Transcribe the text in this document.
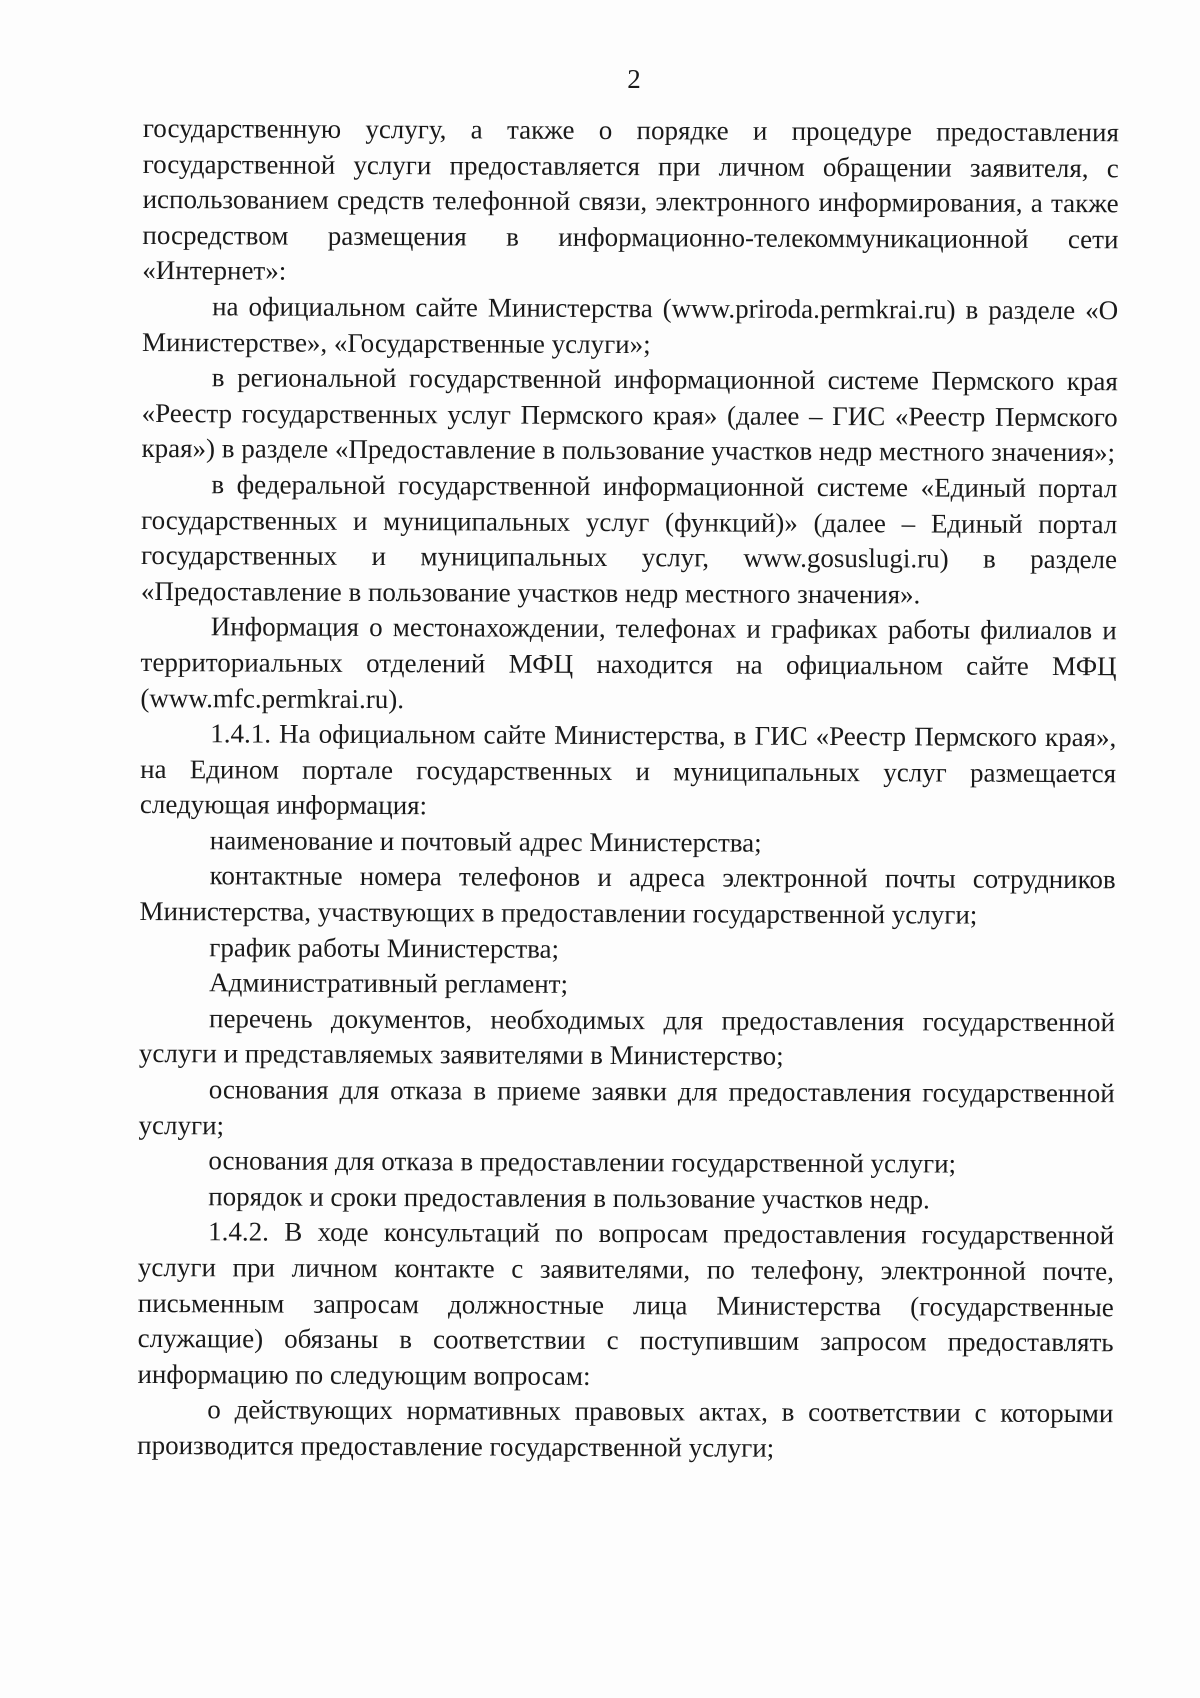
2

государственную услугу, а также о порядке и процедуре предоставления государственной услуги предоставляется при личном обращении заявителя, с использованием средств телефонной связи, электронного информирования, а также посредством размещения в информационно-телекоммуникационной сети «Интернет»:

на официальном сайте Министерства (www.priroda.permkrai.ru) в разделе «О Министерстве», «Государственные услуги»;

в региональной государственной информационной системе Пермского края «Реестр государственных услуг Пермского края» (далее – ГИС «Реестр Пермского края») в разделе «Предоставление в пользование участков недр местного значения»;

в федеральной государственной информационной системе «Единый портал государственных и муниципальных услуг (функций)» (далее – Единый портал государственных и муниципальных услуг, www.gosuslugi.ru) в разделе «Предоставление в пользование участков недр местного значения».

Информация о местонахождении, телефонах и графиках работы филиалов и территориальных отделений МФЦ находится на официальном сайте МФЦ (www.mfc.permkrai.ru).

1.4.1. На официальном сайте Министерства, в ГИС «Реестр Пермского края», на Едином портале государственных и муниципальных услуг размещается следующая информация:

наименование и почтовый адрес Министерства;

контактные номера телефонов и адреса электронной почты сотрудников Министерства, участвующих в предоставлении государственной услуги;

график работы Министерства;

Административный регламент;

перечень документов, необходимых для предоставления государственной услуги и представляемых заявителями в Министерство;

основания для отказа в приеме заявки для предоставления государственной услуги;

основания для отказа в предоставлении государственной услуги;

порядок и сроки предоставления в пользование участков недр.

1.4.2. В ходе консультаций по вопросам предоставления государственной услуги при личном контакте с заявителями, по телефону, электронной почте, письменным запросам должностные лица Министерства (государственные служащие) обязаны в соответствии с поступившим запросом предоставлять информацию по следующим вопросам:

о действующих нормативных правовых актах, в соответствии с которыми производится предоставление государственной услуги;
